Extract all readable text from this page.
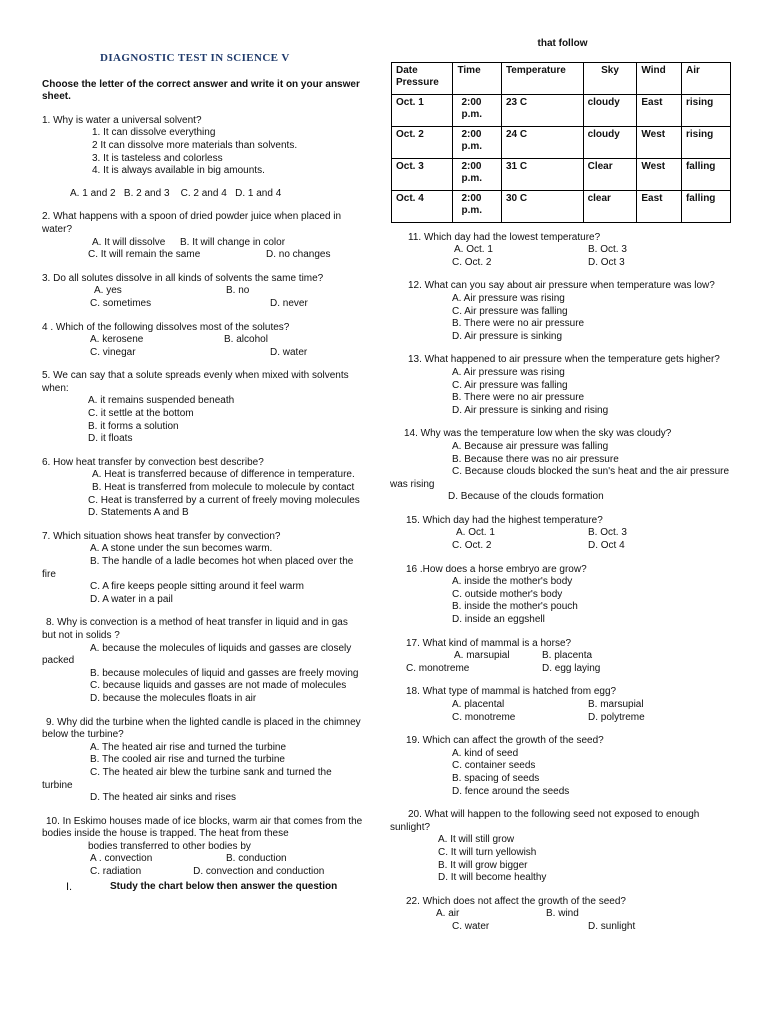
DIAGNOSTIC TEST IN SCIENCE V
Choose the letter of the correct answer and write it on your answer sheet.
1. Why is water a universal solvent?
1. It can dissolve everything
2 It can dissolve more materials than solvents.
3. It is tasteless and colorless
4. It is always available in big amounts.
A. 1 and 2   B. 2 and 3    C. 2 and 4   D. 1 and 4
2. What happens with a spoon of dried powder juice when placed in water?
A. It will dissolve	B. It will change in color
C. It will remain the same	D. no changes
3. Do all solutes dissolve in all kinds of solvents the same time?
A. yes	B. no
C. sometimes	D. never
4 . Which of the following dissolves most of the solutes?
A. kerosene	B. alcohol
C. vinegar	D. water
5. We can say that a solute spreads evenly when mixed with solvents when:
A. it remains suspended beneath
C. it settle at the bottom
B. it forms a solution
D. it floats
6. How heat transfer by convection best describe?
A. Heat is transferred because of difference in temperature.
B. Heat is transferred from molecule to molecule by contact
C. Heat is transferred by a current of freely moving molecules
D. Statements A and B
7. Which situation shows heat transfer by convection?
A. A stone under the sun becomes warm.
B. The handle of a ladle becomes hot when placed over the fire
C. A fire keeps people sitting around it feel warm
D. A water in a pail
8. Why is convection is a method of heat transfer in liquid and in gas but not in solids ?
A. because the molecules of liquids and gasses are closely packed
B. because molecules of liquid and gasses are freely moving
C. because liquids and gasses are not made of molecules
D. because the molecules floats in air
9. Why did the turbine when the lighted candle is placed in the chimney below the turbine?
A. The heated air rise and turned the turbine
B. The cooled air rise and turned the turbine
C. The heated air blew the turbine sank and turned the turbine
D. The heated air sinks and rises
10. In Eskimo houses made of ice blocks, warm air that comes from the bodies inside the house is trapped. The heat from these
bodies transferred to other bodies by
A . convection	B. conduction
C. radiation	D. convection and conduction
I.	Study the chart below then answer the question
that follow
Date Pressure	Time	Temperature	Sky	Wind	Air
Oct. 1	2:00 p.m.	23 C	cloudy	East	rising
Oct. 2	2:00 p.m.	24 C	cloudy	West	rising
Oct. 3	2:00 p.m.	31 C	Clear	West	falling
Oct. 4	2:00 p.m.	30 C	clear	East	falling
11. Which day had the lowest temperature?
A. Oct. 1	B. Oct. 3
C. Oct. 2	D. Oct 3
12. What can you say about air pressure when temperature was low?
A. Air pressure was rising
C. Air pressure was falling
B. There were no air pressure
D. Air pressure is sinking
13. What happened to air pressure when the temperature gets higher?
A. Air pressure was rising
C. Air pressure was falling
B. There were no air pressure
D. Air pressure is sinking and rising
14. Why was the temperature low when the sky was cloudy?
A. Because air pressure was falling
B. Because there was no air pressure
C. Because clouds blocked the sun's heat and the air pressure was rising
D. Because of the clouds formation
15. Which day had the highest temperature?
A. Oct. 1	B. Oct. 3
C. Oct. 2	D. Oct 4
16 .How does a horse embryo are grow?
A. inside the mother's body
C. outside mother's body
B. inside the mother's pouch
D. inside an eggshell
17. What kind of mammal is a horse?
A. marsupial	B. placenta
C. monotreme	D. egg laying
18. What type of mammal is hatched from egg?
A. placental	B. marsupial
C. monotreme	D. polytreme
19. Which can affect the growth of the seed?
A. kind of seed
C. container seeds
B. spacing of seeds
D. fence around the seeds
20. What will happen to the following seed not exposed to enough sunlight?
A. It will still grow
C. It will turn yellowish
B. It will grow bigger
D. It will become healthy
22. Which does not affect the growth of the seed?
A. air	B. wind
C. water	D. sunlight
